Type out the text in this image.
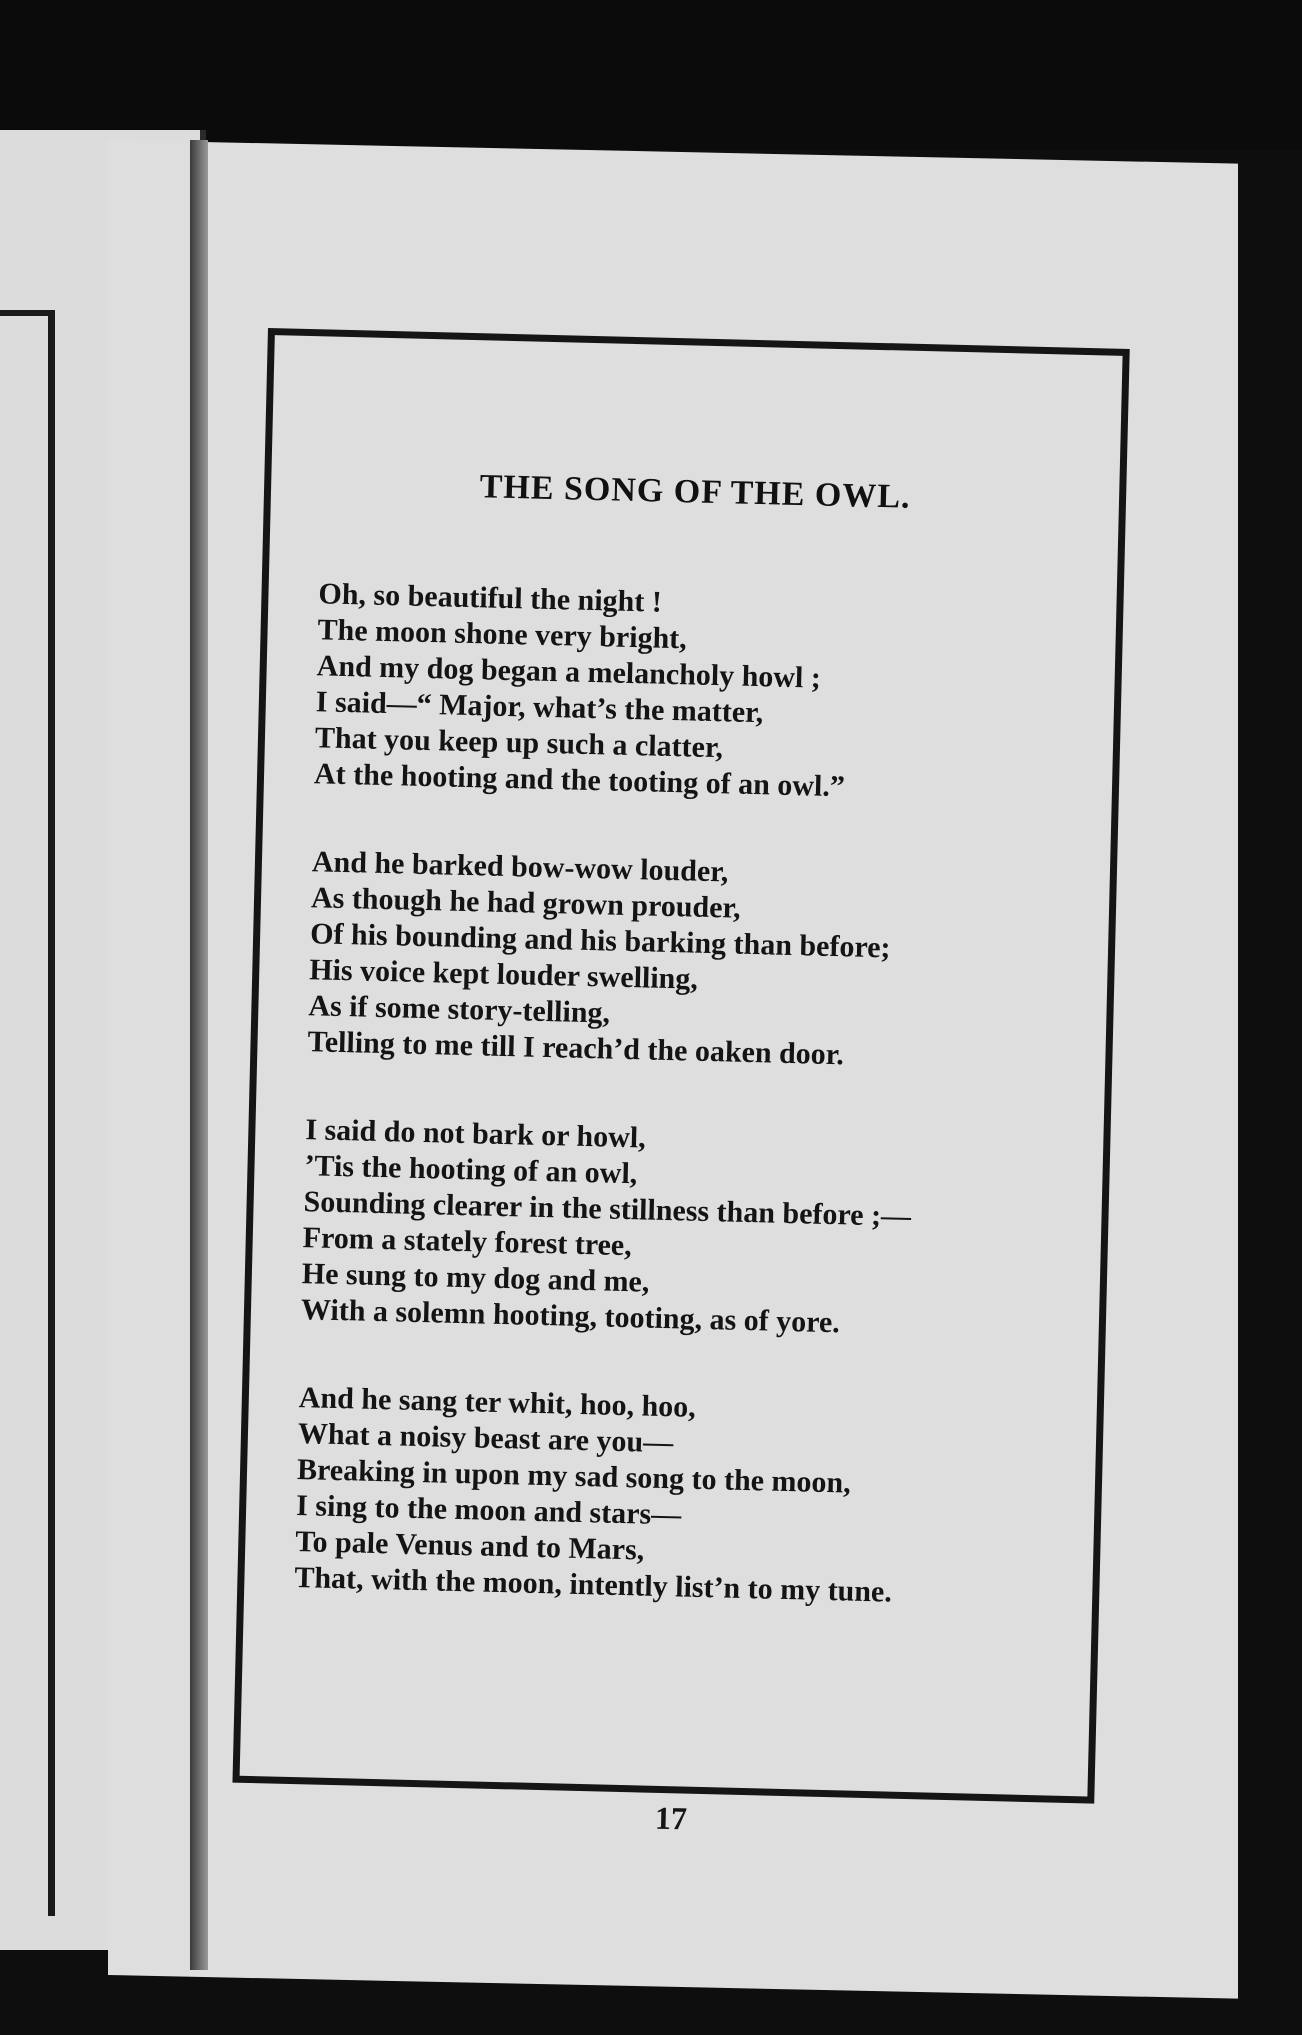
THE SONG OF THE OWL.
Oh, so beautiful the night !
The moon shone very bright,
And my dog began a melancholy howl ;
I said—“ Major, what’s the matter,
That you keep up such a clatter,
At the hooting and the tooting of an owl.”
And he barked bow-wow louder,
As though he had grown prouder,
Of his bounding and his barking than before;
His voice kept louder swelling,
As if some story-telling,
Telling to me till I reach’d the oaken door.
I said do not bark or howl,
’Tis the hooting of an owl,
Sounding clearer in the stillness than before ;—
From a stately forest tree,
He sung to my dog and me,
With a solemn hooting, tooting, as of yore.
And he sang ter whit, hoo, hoo,
What a noisy beast are you—
Breaking in upon my sad song to the moon,
I sing to the moon and stars—
To pale Venus and to Mars,
That, with the moon, intently list’n to my tune.
17
